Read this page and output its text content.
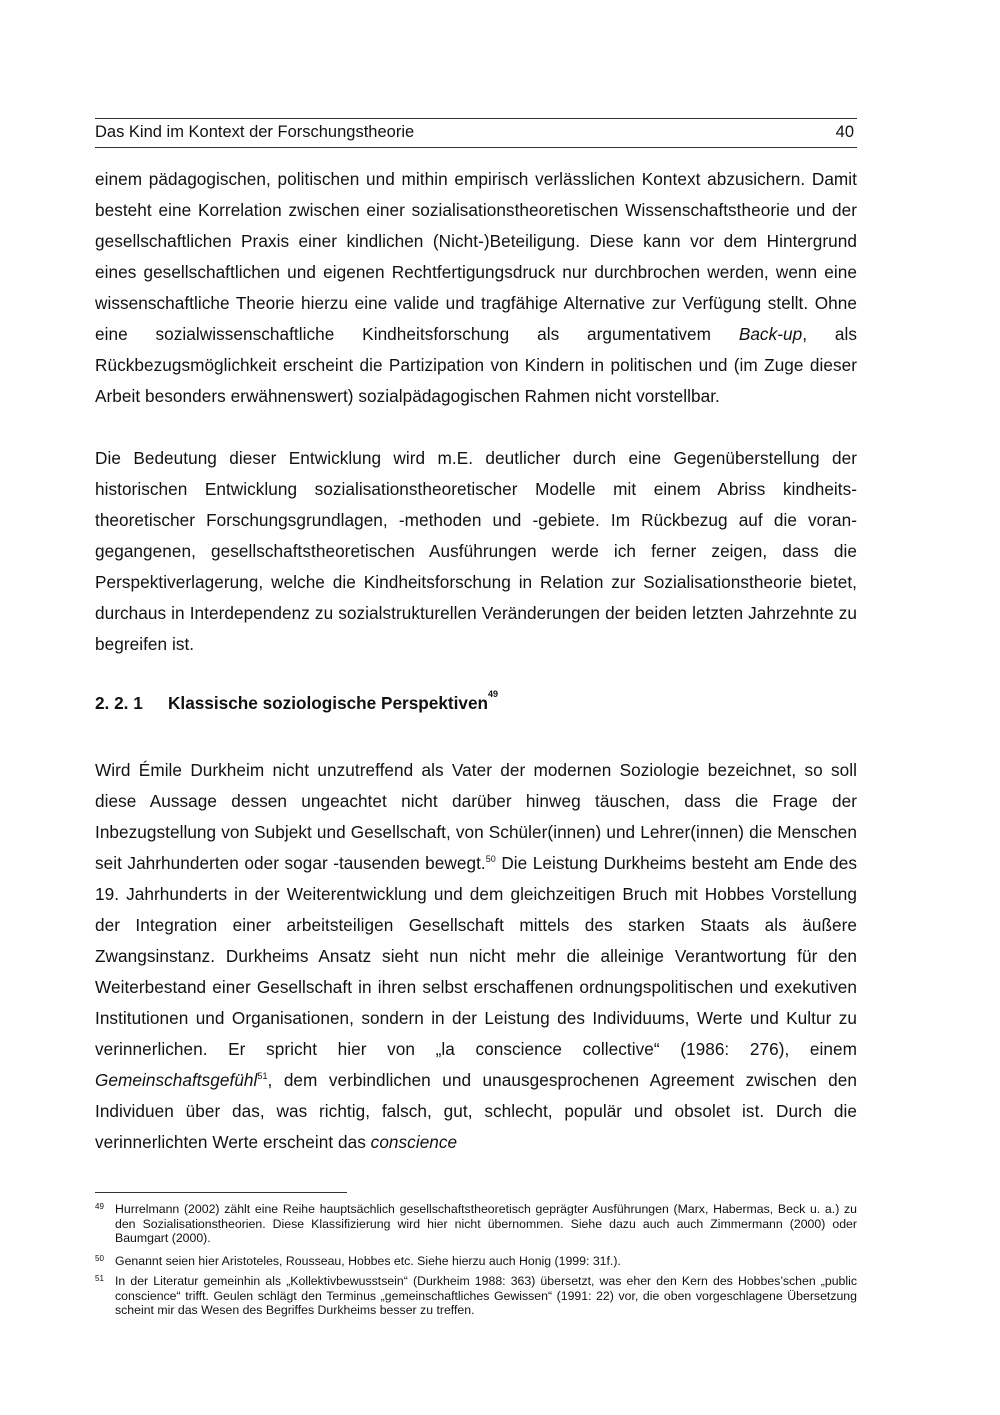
Das Kind im Kontext der Forschungstheorie	40

einem pädagogischen, politischen und mithin empirisch verlässlichen Kontext abzusichern. Damit besteht eine Korrelation zwischen einer sozialisationstheoretischen Wissenschaftstheorie und der gesellschaftlichen Praxis einer kindlichen (Nicht-)Beteiligung. Diese kann vor dem Hintergrund eines gesellschaftlichen und eigenen Rechtfertigungsdruck nur durchbrochen werden, wenn eine wissenschaftliche Theorie hierzu eine valide und tragfähige Alternative zur Verfügung stellt. Ohne eine sozialwissenschaftliche Kindheitsforschung als argumentativem Back-up, als Rückbezugsmöglichkeit erscheint die Partizipation von Kindern in politischen und (im Zuge dieser Arbeit besonders erwähnenswert) sozialpädagogischen Rahmen nicht vorstellbar.

Die Bedeutung dieser Entwicklung wird m.E. deutlicher durch eine Gegenüberstellung der historischen Entwicklung sozialisationstheoretischer Modelle mit einem Abriss kindheitstheoretischer Forschungsgrundlagen, -methoden und -gebiete. Im Rückbezug auf die vorangegangenen, gesellschaftstheoretischen Ausführungen werde ich ferner zeigen, dass die Perspektiverlagerung, welche die Kindheitsforschung in Relation zur Sozialisationstheorie bietet, durchaus in Interdependenz zu sozialstrukturellen Veränderungen der beiden letzten Jahrzehnte zu begreifen ist.

2. 2. 1 Klassische soziologische Perspektiven$^{49}$

Wird Émile Durkheim nicht unzutreffend als Vater der modernen Soziologie bezeichnet, so soll diese Aussage dessen ungeachtet nicht darüber hinweg täuschen, dass die Frage der Inbezugstellung von Subjekt und Gesellschaft, von Schüler(innen) und Lehrer(innen) die Menschen seit Jahrhunderten oder sogar -tausenden bewegt.$^{50}$ Die Leistung Durkheims besteht am Ende des 19. Jahrhunderts in der Weiterentwicklung und dem gleichzeitigen Bruch mit Hobbes Vorstellung der Integration einer arbeitsteiligen Gesellschaft mittels des starken Staats als äußere Zwangsinstanz. Durkheims Ansatz sieht nun nicht mehr die alleinige Verantwortung für den Weiterbestand einer Gesellschaft in ihren selbst erschaffenen ordnungspolitischen und exekutiven Institutionen und Organisationen, sondern in der Leistung des Individuums, Werte und Kultur zu verinnerlichen. Er spricht hier von „la conscience collective“ (1986: 276), einem Gemeinschaftsgefühl$^{51}$, dem verbindlichen und unausgesprochenen Agreement zwischen den Individuen über das, was richtig, falsch, gut, schlecht, populär und obsolet ist. Durch die verinnerlichten Werte erscheint das conscience

49 Hurrelmann (2002) zählt eine Reihe hauptsächlich gesellschaftstheoretisch geprägter Ausführungen (Marx, Habermas, Beck u. a.) zu den Sozialisationstheorien. Diese Klassifizierung wird hier nicht übernommen. Siehe dazu auch auch Zimmermann (2000) oder Baumgart (2000).
50 Genannt seien hier Aristoteles, Rousseau, Hobbes etc. Siehe hierzu auch Honig (1999: 31f.).
51 In der Literatur gemeinhin als „Kollektivbewusstsein“ (Durkheim 1988: 363) übersetzt, was eher den Kern des Hobbes’schen „public conscience“ trifft. Geulen schlägt den Terminus „gemeinschaftliches Gewissen“ (1991: 22) vor, die oben vorgeschlagene Übersetzung scheint mir das Wesen des Begriffes Durkheims besser zu treffen.
